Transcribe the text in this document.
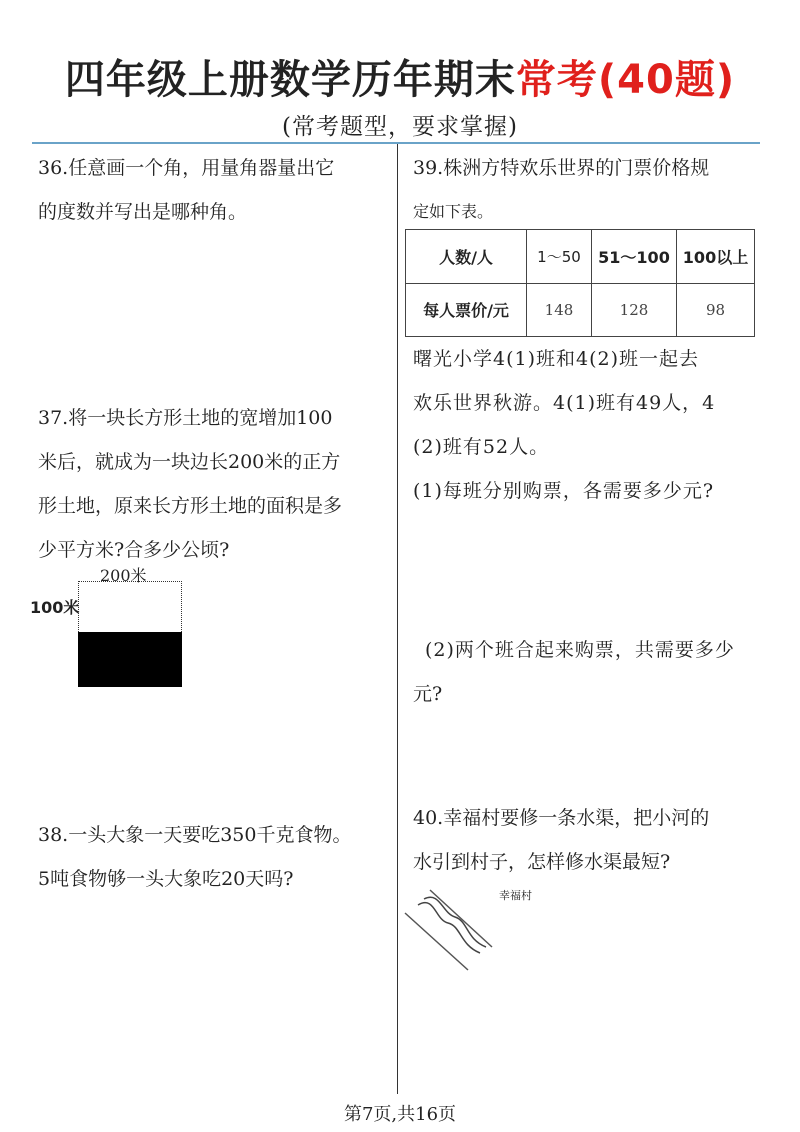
四年级上册数学历年期末常考(40题)
(常考题型，要求掌握)

36.任意画一个角，用量角器量出它

的度数并写出是哪种角。

37.将一块长方形土地的宽增加100

米后，就成为一块边长200米的正方

形土地，原来长方形土地的面积是多

少平方米?合多少公顷?

200米
100米

38.一头大象一天要吃350千克食物。

5吨食物够一头大象吃20天吗?

39.株洲方特欢乐世界的门票价格规

定如下表。

人数/人	1～50	51～100	100以上
每人票价/元	148	128	98

曙光小学4(1)班和4(2)班一起去

欢乐世界秋游。4(1)班有49人，4

(2)班有52人。

(1)每班分别购票，各需要多少元?

(2)两个班合起来购票，共需要多少

元?

40.幸福村要修一条水渠，把小河的

水引到村子，怎样修水渠最短?

幸福村
第7页,共16页
